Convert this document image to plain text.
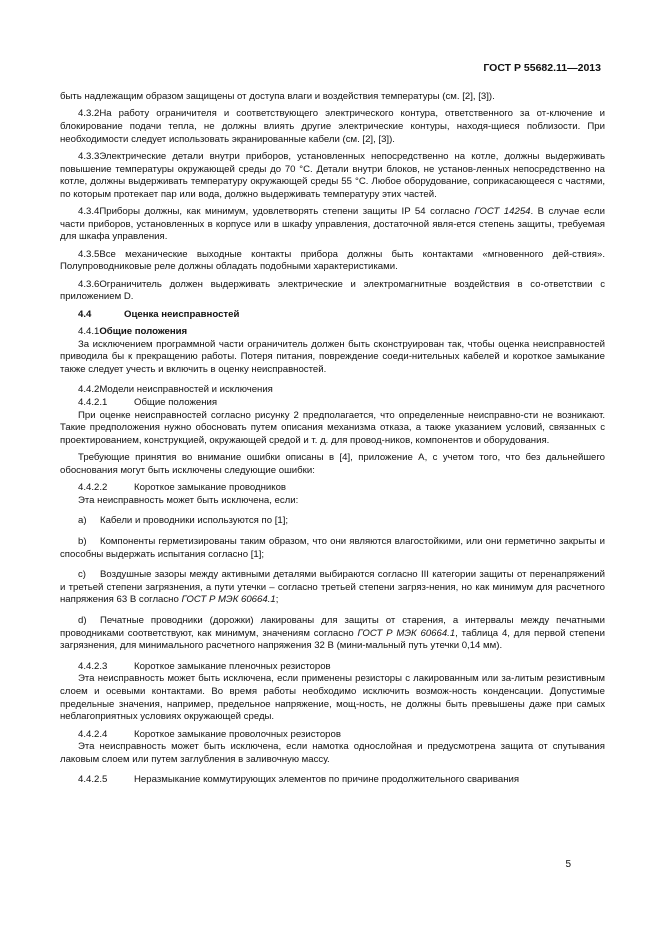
ГОСТ Р 55682.11—2013

быть надлежащим образом защищены от доступа влаги и воздействия температуры (см. [2], [3]).

4.3.2На работу ограничителя и соответствующего электрического контура, ответственного за от-ключение и блокирование подачи тепла, не должны влиять другие электрические контуры, находя-щиеся поблизости. При необходимости следует использовать экранированные кабели (см. [2], [3]).

4.3.3Электрические детали внутри приборов, установленных непосредственно на котле, должны выдерживать повышение температуры окружающей среды до 70 °С. Детали внутри блоков, не установ-ленных непосредственно на котле, должны выдерживать температуру окружающей среды 55 °С. Любое оборудование, соприкасающееся с частями, по которым протекает пар или вода, должно выдерживать температуру этих частей.

4.3.4Приборы должны, как минимум, удовлетворять степени защиты IP 54 согласно ГОСТ 14254. В случае если части приборов, установленных в корпусе или в шкафу управления, достаточной явля-ется степень защиты, требуемая для шкафа управления.

4.3.5Все механические выходные контакты прибора должны быть контактами «мгновенного дей-ствия». Полупроводниковые реле должны обладать подобными характеристиками.

4.3.6Ограничитель должен выдерживать электрические и электромагнитные воздействия в со-ответствии с приложением D.

4.4	Оценка неисправностей

4.4.1Общие положения

За исключением программной части ограничитель должен быть сконструирован так, чтобы оценка неисправностей приводила бы к прекращению работы. Потеря питания, повреждение соеди-нительных кабелей и короткое замыкание также следует учесть и включить в оценку неисправностей.

4.4.2Модели неисправностей и исключения

4.4.2.1	Общие положения

При оценке неисправностей согласно рисунку 2 предполагается, что определенные неисправно-сти не возникают. Такие предположения нужно обосновать путем описания механизма отказа, а также указанием условий, связанных с проектированием, конструкцией, окружающей средой и т. д. для провод-ников, компонентов и оборудования.

Требующие принятия во внимание ошибки описаны в [4], приложение А, с учетом того, что без дальнейшего обоснования могут быть исключены следующие ошибки:

4.4.2.2	Короткое замыкание проводников

Эта неисправность может быть исключена, если:

а) Кабели и проводники используются по [1];

b) Компоненты герметизированы таким образом, что они являются влагостойкими, или они герметично закрыты и способны выдержать испытания согласно [1];

c) Воздушные зазоры между активными деталями выбираются согласно III категории защиты от перенапряжений и третьей степени загрязнения, а пути утечки – согласно третьей степени загряз-нения, но как минимум для расчетного напряжения 63 В согласно ГОСТ Р МЭК 60664.1;

d) Печатные проводники (дорожки) лакированы для защиты от старения, а интервалы между печатными проводниками соответствуют, как минимум, значениям согласно ГОСТ Р МЭК 60664.1, таблица 4, для первой степени загрязнения, для минимального расчетного напряжения 32 В (мини-мальный путь утечки 0,14 мм).

4.4.2.3	Короткое замыкание пленочных резисторов

Эта неисправность может быть исключена, если применены резисторы с лакированным или за-литым резистивным слоем и осевыми контактами. Во время работы необходимо исключить возмож-ность конденсации. Допустимые предельные значения, например, предельное напряжение, мощ-ность, не должны быть превышены даже при самых неблагоприятных условиях окружающей среды.

4.4.2.4	Короткое замыкание проволочных резисторов

Эта неисправность может быть исключена, если намотка однослойная и предусмотрена защита от спутывания лаковым слоем или путем заглубления в заливочную массу.

4.4.2.5	Неразмыкание коммутирующих элементов по причине продолжительного сваривания

5
